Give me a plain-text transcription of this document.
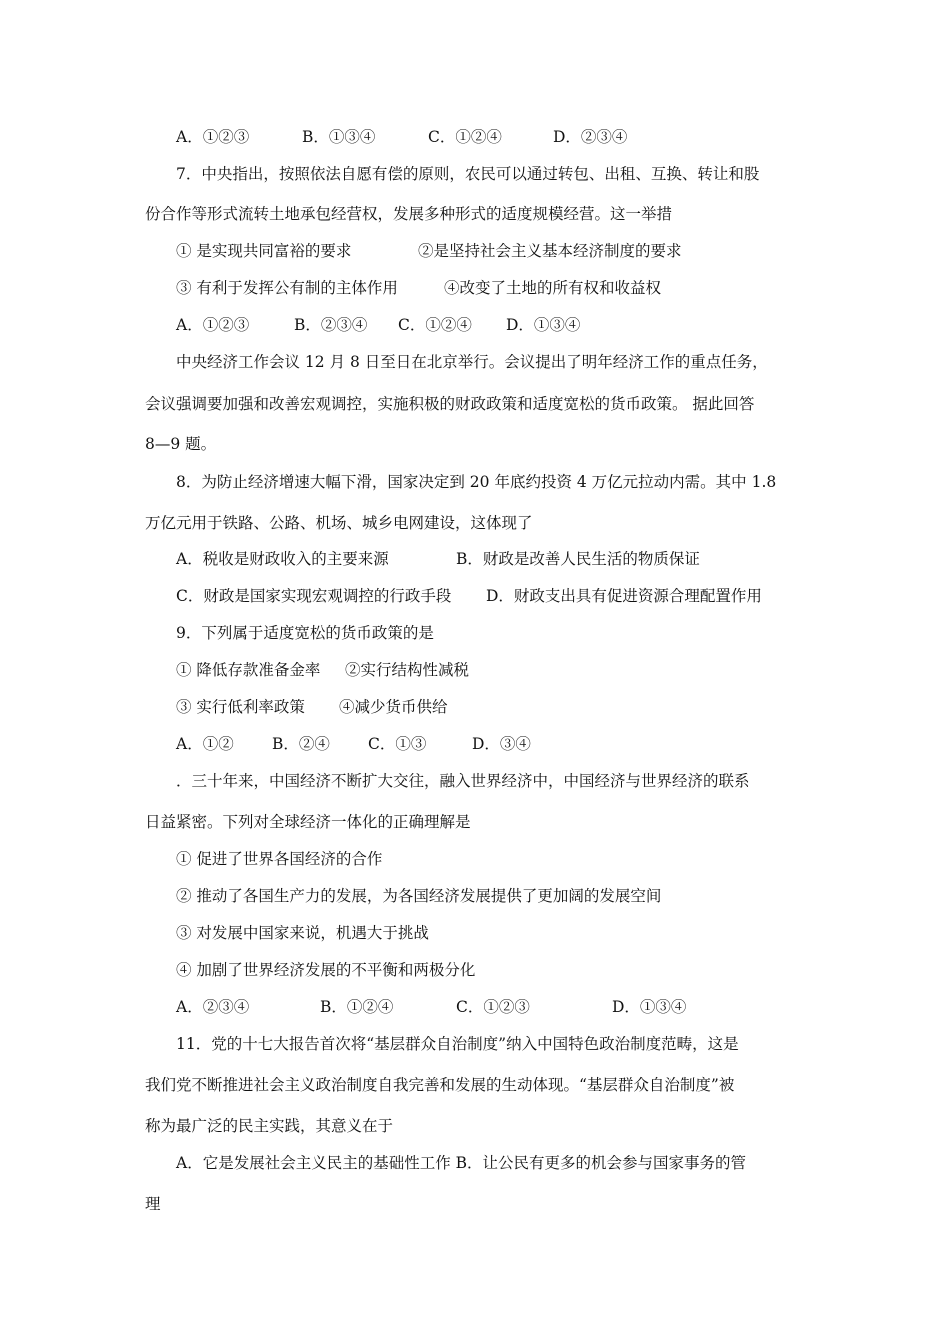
A．①②③	B．①③④	C．①②④	D．②③④
7．中央指出，按照依法自愿有偿的原则，农民可以通过转包、出租、互换、转让和股
份合作等形式流转土地承包经营权，发展多种形式的适度规模经营。这一举措
① 是实现共同富裕的要求	②是坚持社会主义基本经济制度的要求
③ 有利于发挥公有制的主体作用	④改变了土地的所有权和收益权
A．①②③	B．②③④ C．①②④ D．①③④
中央经济工作会议 12 月 8 日至日在北京举行。会议提出了明年经济工作的重点任务，
会议强调要加强和改善宏观调控，实施积极的财政政策和适度宽松的货币政策。 据此回答
8—9 题。
8．为防止经济增速大幅下滑，国家决定到 20 年底约投资 4 万亿元拉动内需。其中 1.8
万亿元用于铁路、公路、机场、城乡电网建设，这体现了
A．税收是财政收入的主要来源	B．财政是改善人民生活的物质保证
C．财政是国家实现宏观调控的行政手段 D．财政支出具有促进资源合理配置作用
9．下列属于适度宽松的货币政策的是
① 降低存款准备金率 ②实行结构性减税
③ 实行低利率政策 ④减少货币供给
A．①② B．②④ C．①③	D．③④
．三十年来，中国经济不断扩大交往，融入世界经济中，中国经济与世界经济的联系
日益紧密。下列对全球经济一体化的正确理解是
① 促进了世界各国经济的合作
② 推动了各国生产力的发展，为各国经济发展提供了更加阔的发展空间
③ 对发展中国家来说，机遇大于挑战
④ 加剧了世界经济发展的不平衡和两极分化
A．②③④	B．①②④	C．①②③	D．①③④
11．党的十七大报告首次将“基层群众自治制度”纳入中国特色政治制度范畴，这是
我们党不断推进社会主义政治制度自我完善和发展的生动体现。“基层群众自治制度”被
称为最广泛的民主实践，其意义在于
A．它是发展社会主义民主的基础性工作 B．让公民有更多的机会参与国家事务的管
理
